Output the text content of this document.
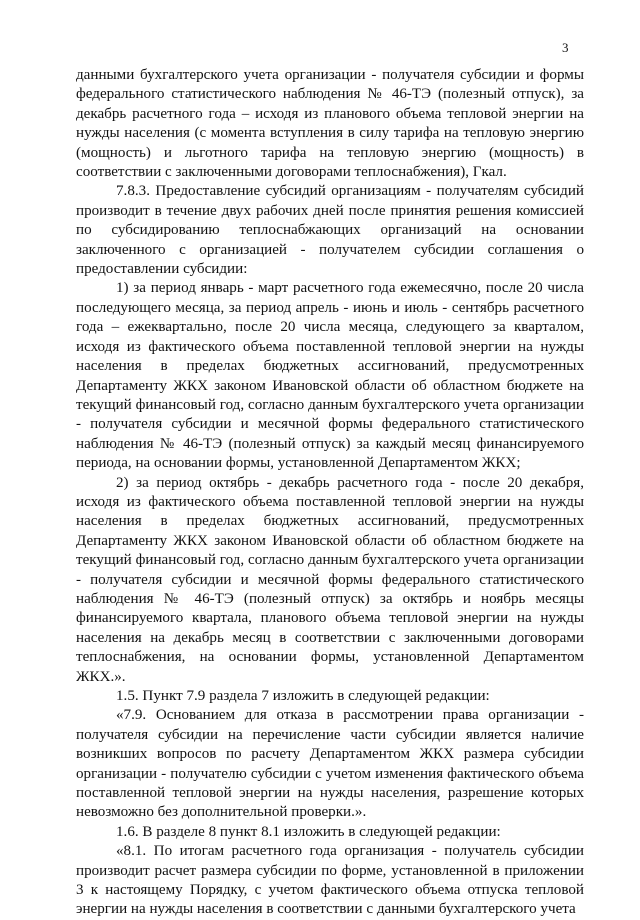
3

данными бухгалтерского учета организации - получателя субсидии и формы федерального статистического наблюдения № 46-ТЭ (полезный отпуск), за декабрь расчетного года – исходя из планового объема тепловой энергии на нужды населения (с момента вступления в силу тарифа на тепловую энергию (мощность) и льготного тарифа на тепловую энергию (мощность) в соответствии с заключенными договорами теплоснабжения), Гкал.

7.8.3. Предоставление субсидий организациям - получателям субсидий производит в течение двух рабочих дней после принятия решения комиссией по субсидированию теплоснабжающих организаций на основании заключенного с организацией - получателем субсидии соглашения о предоставлении субсидии:

1) за период январь - март расчетного года ежемесячно, после 20 числа последующего месяца, за период апрель - июнь и июль - сентябрь расчетного года – ежеквартально, после 20 числа месяца, следующего за кварталом, исходя из фактического объема поставленной тепловой энергии на нужды населения в пределах бюджетных ассигнований, предусмотренных Департаменту ЖКХ законом Ивановской области об областном бюджете на текущий финансовый год, согласно данным бухгалтерского учета организации - получателя субсидии и месячной формы федерального статистического наблюдения № 46-ТЭ (полезный отпуск) за каждый месяц финансируемого периода, на основании формы, установленной Департаментом ЖКХ;

2) за период октябрь - декабрь расчетного года - после 20 декабря, исходя из фактического объема поставленной тепловой энергии на нужды населения в пределах бюджетных ассигнований, предусмотренных Департаменту ЖКХ законом Ивановской области об областном бюджете на текущий финансовый год, согласно данным бухгалтерского учета организации - получателя субсидии и месячной формы федерального статистического наблюдения № 46-ТЭ (полезный отпуск) за октябрь и ноябрь месяцы финансируемого квартала, планового объема тепловой энергии на нужды населения на декабрь месяц в соответствии с заключенными договорами теплоснабжения, на основании формы, установленной Департаментом ЖКХ.».

1.5. Пункт 7.9 раздела 7 изложить в следующей редакции:

«7.9. Основанием для отказа в рассмотрении права организации - получателя субсидии на перечисление части субсидии является наличие возникших вопросов по расчету Департаментом ЖКХ размера субсидии организации - получателю субсидии с учетом изменения фактического объема поставленной тепловой энергии на нужды населения, разрешение которых невозможно без дополнительной проверки.».

1.6. В разделе 8 пункт 8.1 изложить в следующей редакции:

«8.1. По итогам расчетного года организация - получатель субсидии производит расчет размера субсидии по форме, установленной в приложении 3 к настоящему Порядку, с учетом фактического объема отпуска тепловой энергии на нужды населения в соответствии с данными бухгалтерского учета
